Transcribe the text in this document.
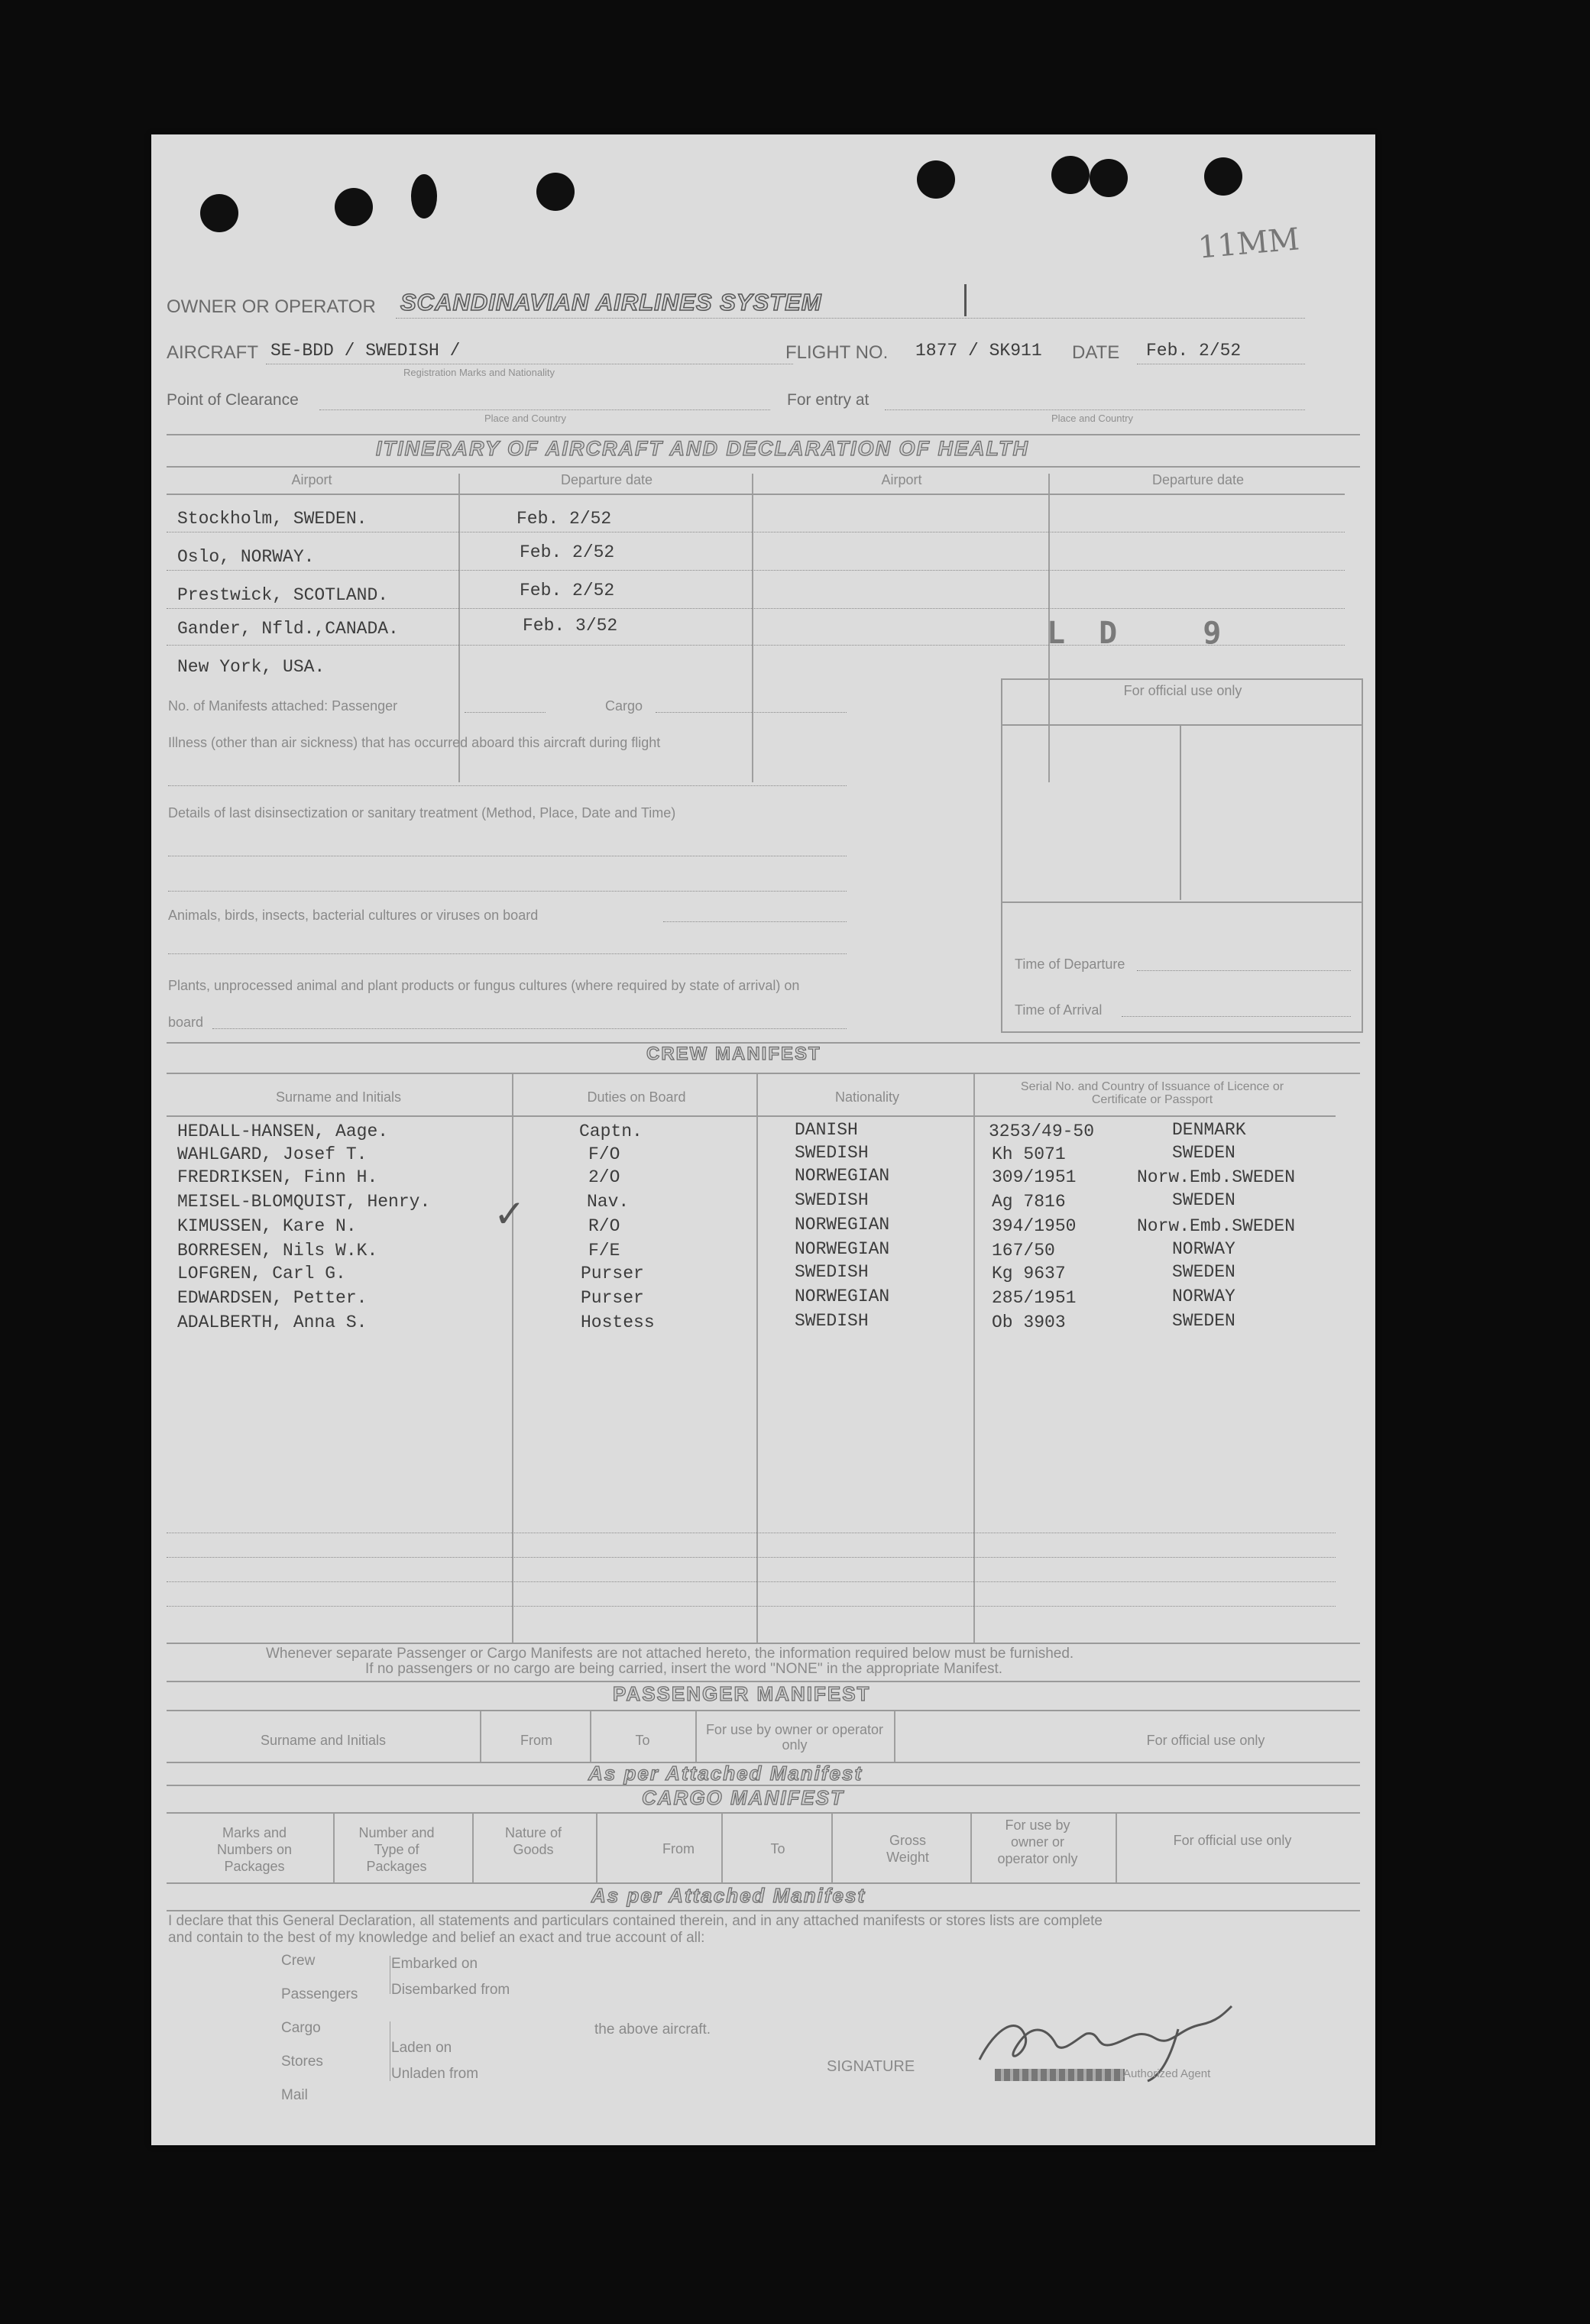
11MM
OWNER OR OPERATOR SCANDINAVIAN AIRLINES SYSTEM
AIRCRAFT SE-BDD / SWEDISH /
Registration Marks and Nationality
FLIGHT NO. 1877 / SK911 DATE Feb. 2/52
Point of Clearance
Place and Country
For entry at
Place and Country
ITINERARY OF AIRCRAFT AND DECLARATION OF HEALTH
Airport	Departure date	Airport	Departure date
Stockholm, SWEDEN.	Feb. 2/52
Oslo, NORWAY.	Feb. 2/52
Prestwick, SCOTLAND.	Feb. 2/52
Gander, Nfld.,CANADA.	Feb. 3/52
New York, USA.
LD 9
No. of Manifests attached: Passenger	Cargo
Illness (other than air sickness) that has occurred aboard this aircraft during flight
Details of last disinsectization or sanitary treatment (Method, Place, Date and Time)
Animals, birds, insects, bacterial cultures or viruses on board
Plants, unprocessed animal and plant products or fungus cultures (where required by state of arrival) on
board
For official use only
Time of Departure
Time of Arrival
CREW MANIFEST
Surname and Initials	Duties on Board	Nationality
Serial No. and Country of Issuance of Licence or Certificate or Passport
HEDALL-HANSEN, Aage.	Captn.	DANISH	3253/49-50	DENMARK
WAHLGARD, Josef T.	F/O	SWEDISH	Kh 5071	SWEDEN
FREDRIKSEN, Finn H.	2/O	NORWEGIAN	309/1951	Norw.Emb.SWEDEN
MEISEL-BLOMQUIST, Henry.	Nav.	SWEDISH	Ag 7816	SWEDEN
✓
KIMUSSEN, Kare N.	R/O	NORWEGIAN	394/1950	Norw.Emb.SWEDEN
BORRESEN, Nils W.K.	F/E	NORWEGIAN	167/50	NORWAY
LOFGREN, Carl G.	Purser	SWEDISH	Kg 9637	SWEDEN
EDWARDSEN, Petter.	Purser	NORWEGIAN	285/1951	NORWAY
ADALBERTH, Anna S.	Hostess	SWEDISH	Ob 3903	SWEDEN
Whenever separate Passenger or Cargo Manifests are not attached hereto, the information required below must be furnished.
If no passengers or no cargo are being carried, insert the word "NONE" in the appropriate Manifest.
PASSENGER MANIFEST
Surname and Initials	From	To
For use by owner or operator only	For official use only
As per Attached Manifest
CARGO MANIFEST
Marks and Numbers on Packages
Number and Type of Packages
Nature of Goods	From	To
Gross Weight
For use by owner or operator only
For official use only
As per Attached Manifest
I declare that this General Declaration, all statements and particulars contained therein, and in any attached manifests or stores lists are complete
and contain to the best of my knowledge and belief an exact and true account of all:
Crew
Passengers
Cargo
Stores
Mail
Embarked on
Disembarked from
Laden on
Unladen from
the above aircraft.
SIGNATURE	Authorized Agent
